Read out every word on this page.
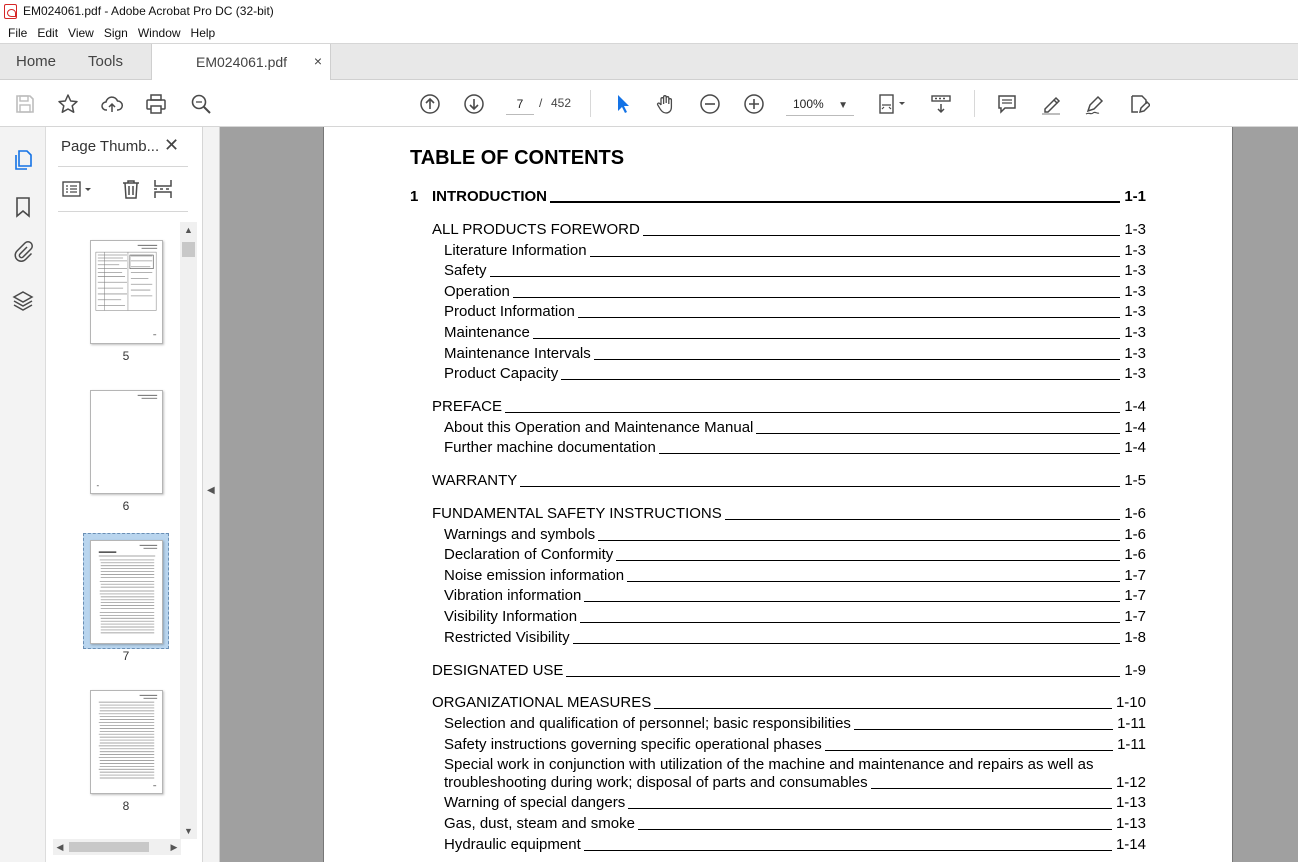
EM024061.pdf - Adobe Acrobat Pro DC (32-bit)
File Edit View Sign Window Help
Home Tools	EM024061.pdf ×
7
/ 452	100% ▼
Page Thumb... ✕
5
6
7
8
▲
▼
◀	▶
◀
TABLE OF CONTENTS
1 INTRODUCTION	1-1
ALL PRODUCTS FOREWORD	1-3
Literature Information	1-3
Safety	1-3
Operation	1-3
Product Information	1-3
Maintenance	1-3
Maintenance Intervals	1-3
Product Capacity	1-3
PREFACE	1-4
About this Operation and Maintenance Manual	1-4
Further machine documentation	1-4
WARRANTY	1-5
FUNDAMENTAL SAFETY INSTRUCTIONS	1-6
Warnings and symbols	1-6
Declaration of Conformity	1-6
Noise emission information	1-7
Vibration information	1-7
Visibility Information	1-7
Restricted Visibility	1-8
DESIGNATED USE	1-9
ORGANIZATIONAL MEASURES	1-10
Selection and qualification of personnel; basic responsibilities	1-11
Safety instructions governing specific operational phases	1-11
Special work in conjunction with utilization of the machine and maintenance and repairs as well as
troubleshooting during work; disposal of parts and consumables	1-12
Warning of special dangers	1-13
Gas, dust, steam and smoke	1-13
Hydraulic equipment	1-14
